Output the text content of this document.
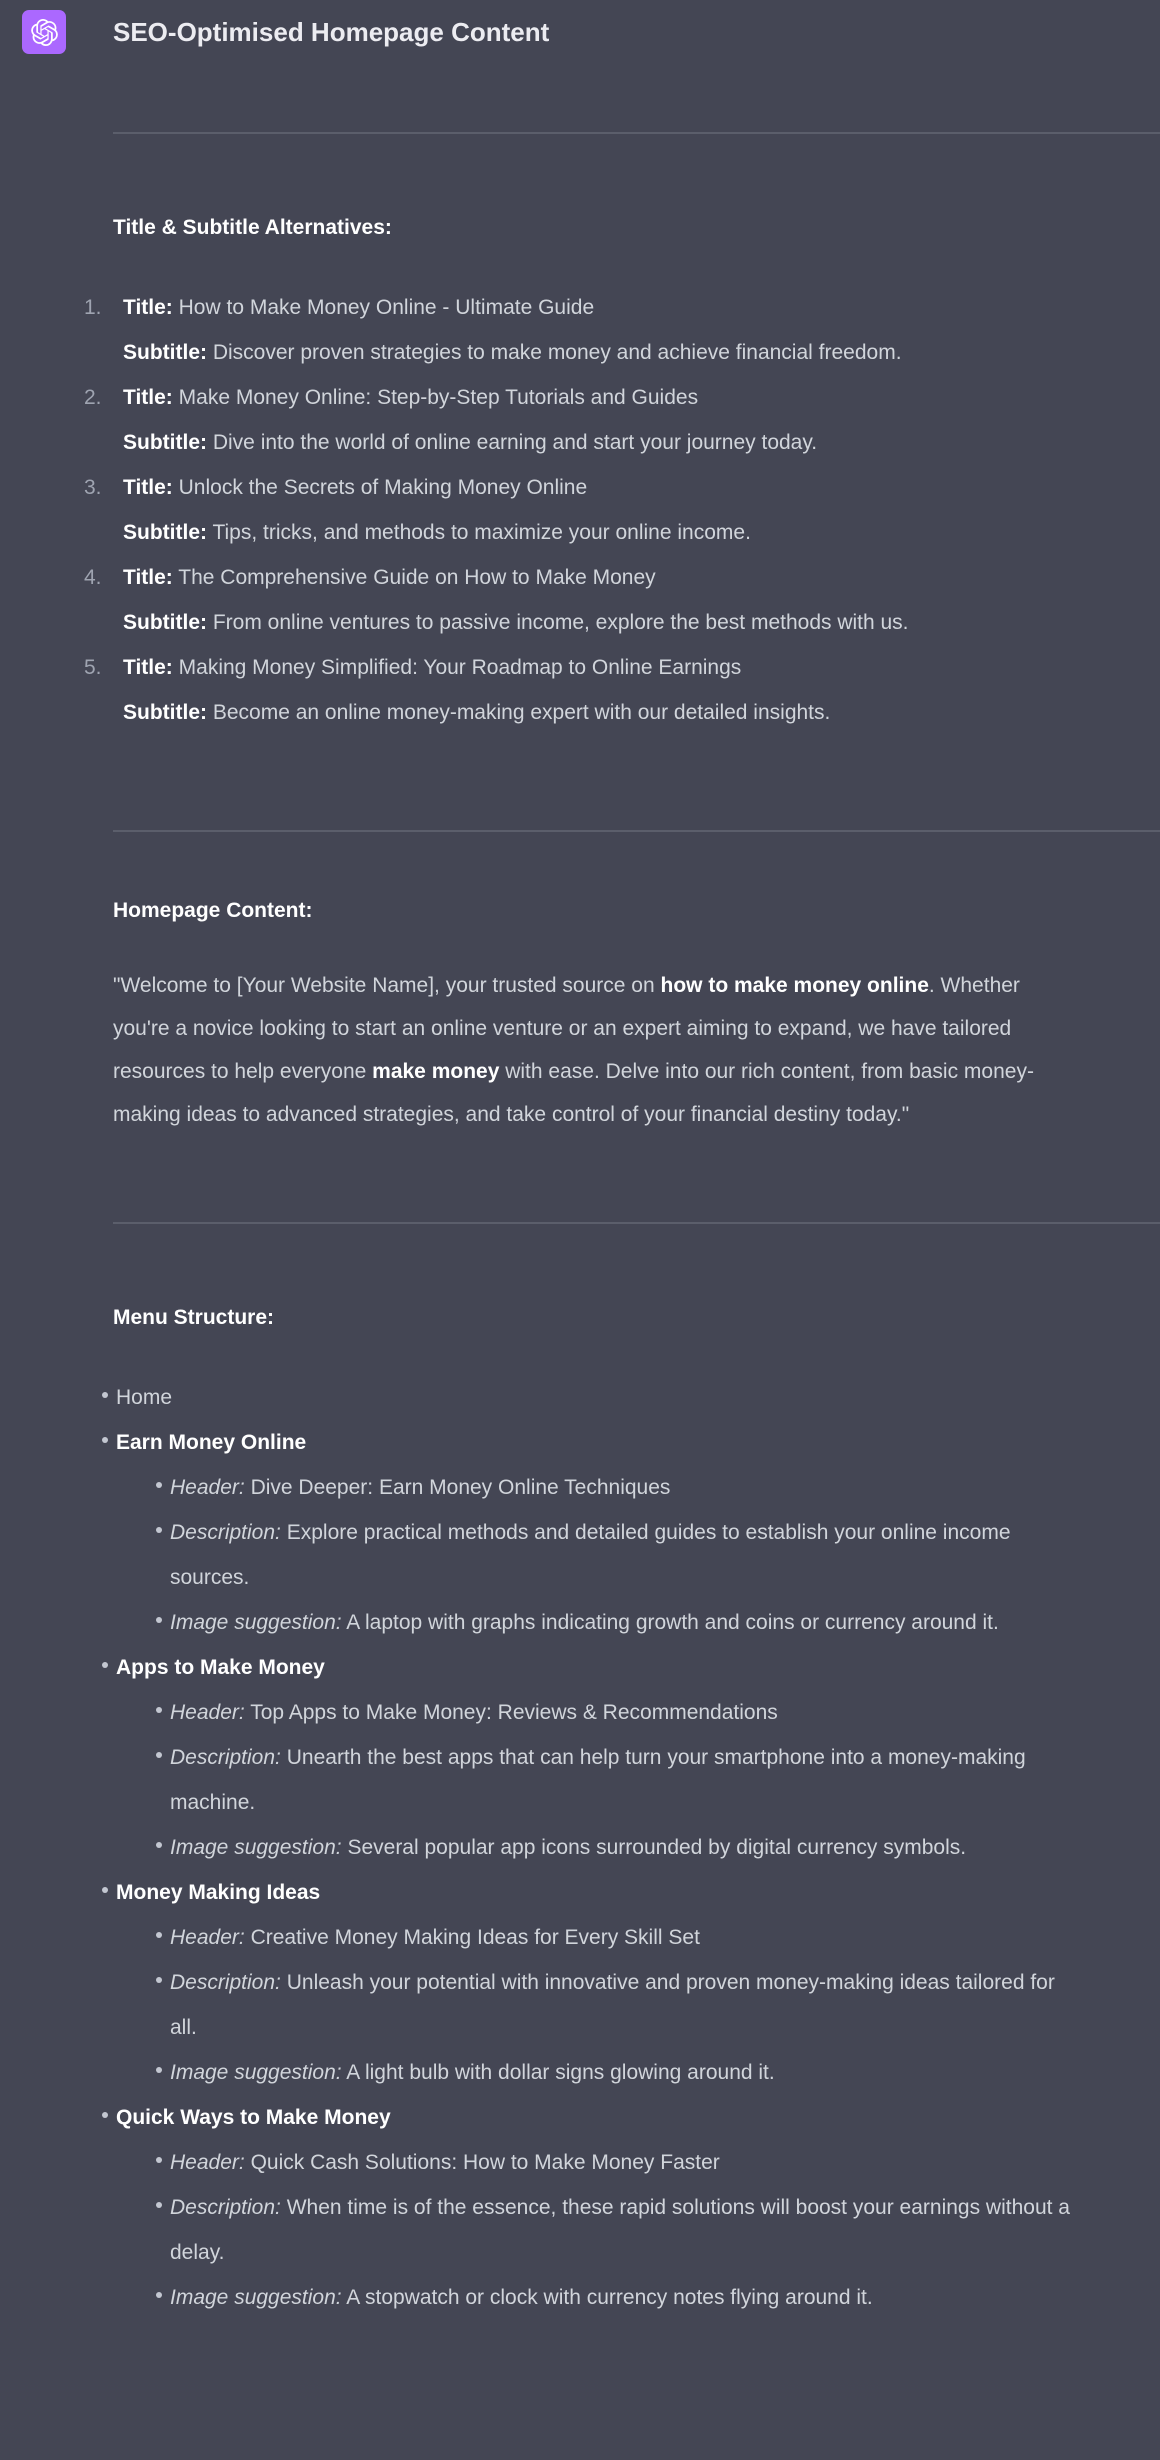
SEO-Optimised Homepage Content

Title & Subtitle Alternatives:

1.	Title: How to Make Money Online - Ultimate Guide

Subtitle: Discover proven strategies to make money and achieve financial freedom.

2.	Title: Make Money Online: Step-by-Step Tutorials and Guides

Subtitle: Dive into the world of online earning and start your journey today.

3.	Title: Unlock the Secrets of Making Money Online

Subtitle: Tips, tricks, and methods to maximize your online income.

4.	Title: The Comprehensive Guide on How to Make Money

Subtitle: From online ventures to passive income, explore the best methods with us.

5.	Title: Making Money Simplified: Your Roadmap to Online Earnings

Subtitle: Become an online money-making expert with our detailed insights.

Homepage Content:

"Welcome to [Your Website Name], your trusted source on how to make money online. Whether you're a novice looking to start an online venture or an expert aiming to expand, we have tailored resources to help everyone make money with ease. Delve into our rich content, from basic money-making ideas to advanced strategies, and take control of your financial destiny today."

Menu Structure:

Home
Earn Money Online
Header: Dive Deeper: Earn Money Online Techniques
Description: Explore practical methods and detailed guides to establish your online income sources.
Image suggestion: A laptop with graphs indicating growth and coins or currency around it.
Apps to Make Money
Header: Top Apps to Make Money: Reviews & Recommendations
Description: Unearth the best apps that can help turn your smartphone into a money-making machine.
Image suggestion: Several popular app icons surrounded by digital currency symbols.
Money Making Ideas
Header: Creative Money Making Ideas for Every Skill Set
Description: Unleash your potential with innovative and proven money-making ideas tailored for all.
Image suggestion: A light bulb with dollar signs glowing around it.
Quick Ways to Make Money
Header: Quick Cash Solutions: How to Make Money Faster
Description: When time is of the essence, these rapid solutions will boost your earnings without a delay.
Image suggestion: A stopwatch or clock with currency notes flying around it.
